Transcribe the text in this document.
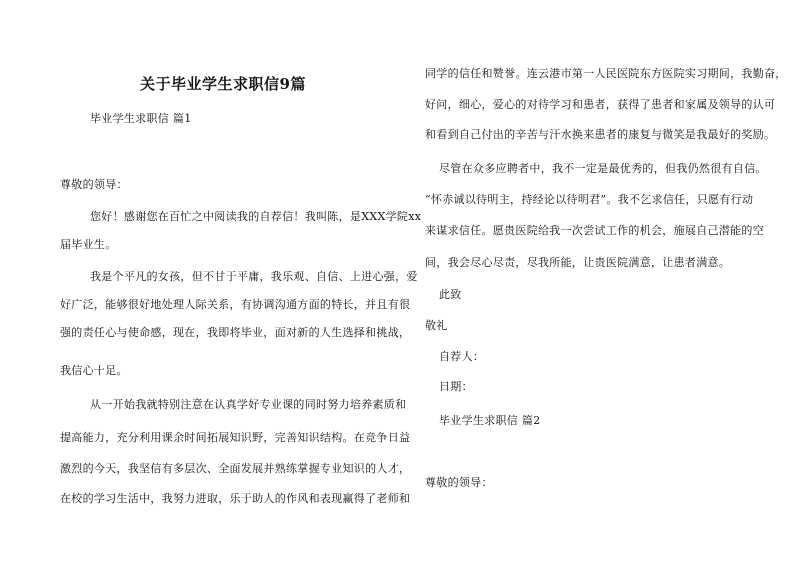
关于毕业学生求职信9篇
毕业学生求职信 篇1
尊敬的领导：
您好！感谢您在百忙之中阅读我的自荐信！我叫陈，是XXX学院xx
届毕业生。
我是个平凡的女孩，但不甘于平庸，我乐观、自信、上进心强，爱
好广泛，能够很好地处理人际关系，有协调沟通方面的特长，并且有很
强的责任心与使命感，现在，我即将毕业，面对新的人生选择和挑战，
我信心十足。
从一开始我就特别注意在认真学好专业课的同时努力培养素质和
提高能力，充分利用课余时间拓展知识野，完善知识结构。在竞争日益
激烈的今天，我坚信有多层次、全面发展并熟练掌握专业知识的人才，
在校的学习生活中，我努力进取，乐于助人的作风和表现赢得了老师和
同学的信任和赞誉。连云港市第一人民医院东方医院实习期间，我勤奋，
好问，细心，爱心的对待学习和患者，获得了患者和家属及领导的认可
和看到自己付出的辛苦与汗水换来患者的康复与微笑是我最好的奖励。
尽管在众多应聘者中，我不一定是最优秀的，但我仍然很有自信。
“怀赤诚以待明主，持经论以待明君”。我不乞求信任，只愿有行动
来谋求信任。愿贵医院给我一次尝试工作的机会，施展自己潜能的空
间，我会尽心尽责，尽我所能，让贵医院满意，让患者满意。
此致
敬礼
自荐人：
日期：
毕业学生求职信 篇2
尊敬的领导：
